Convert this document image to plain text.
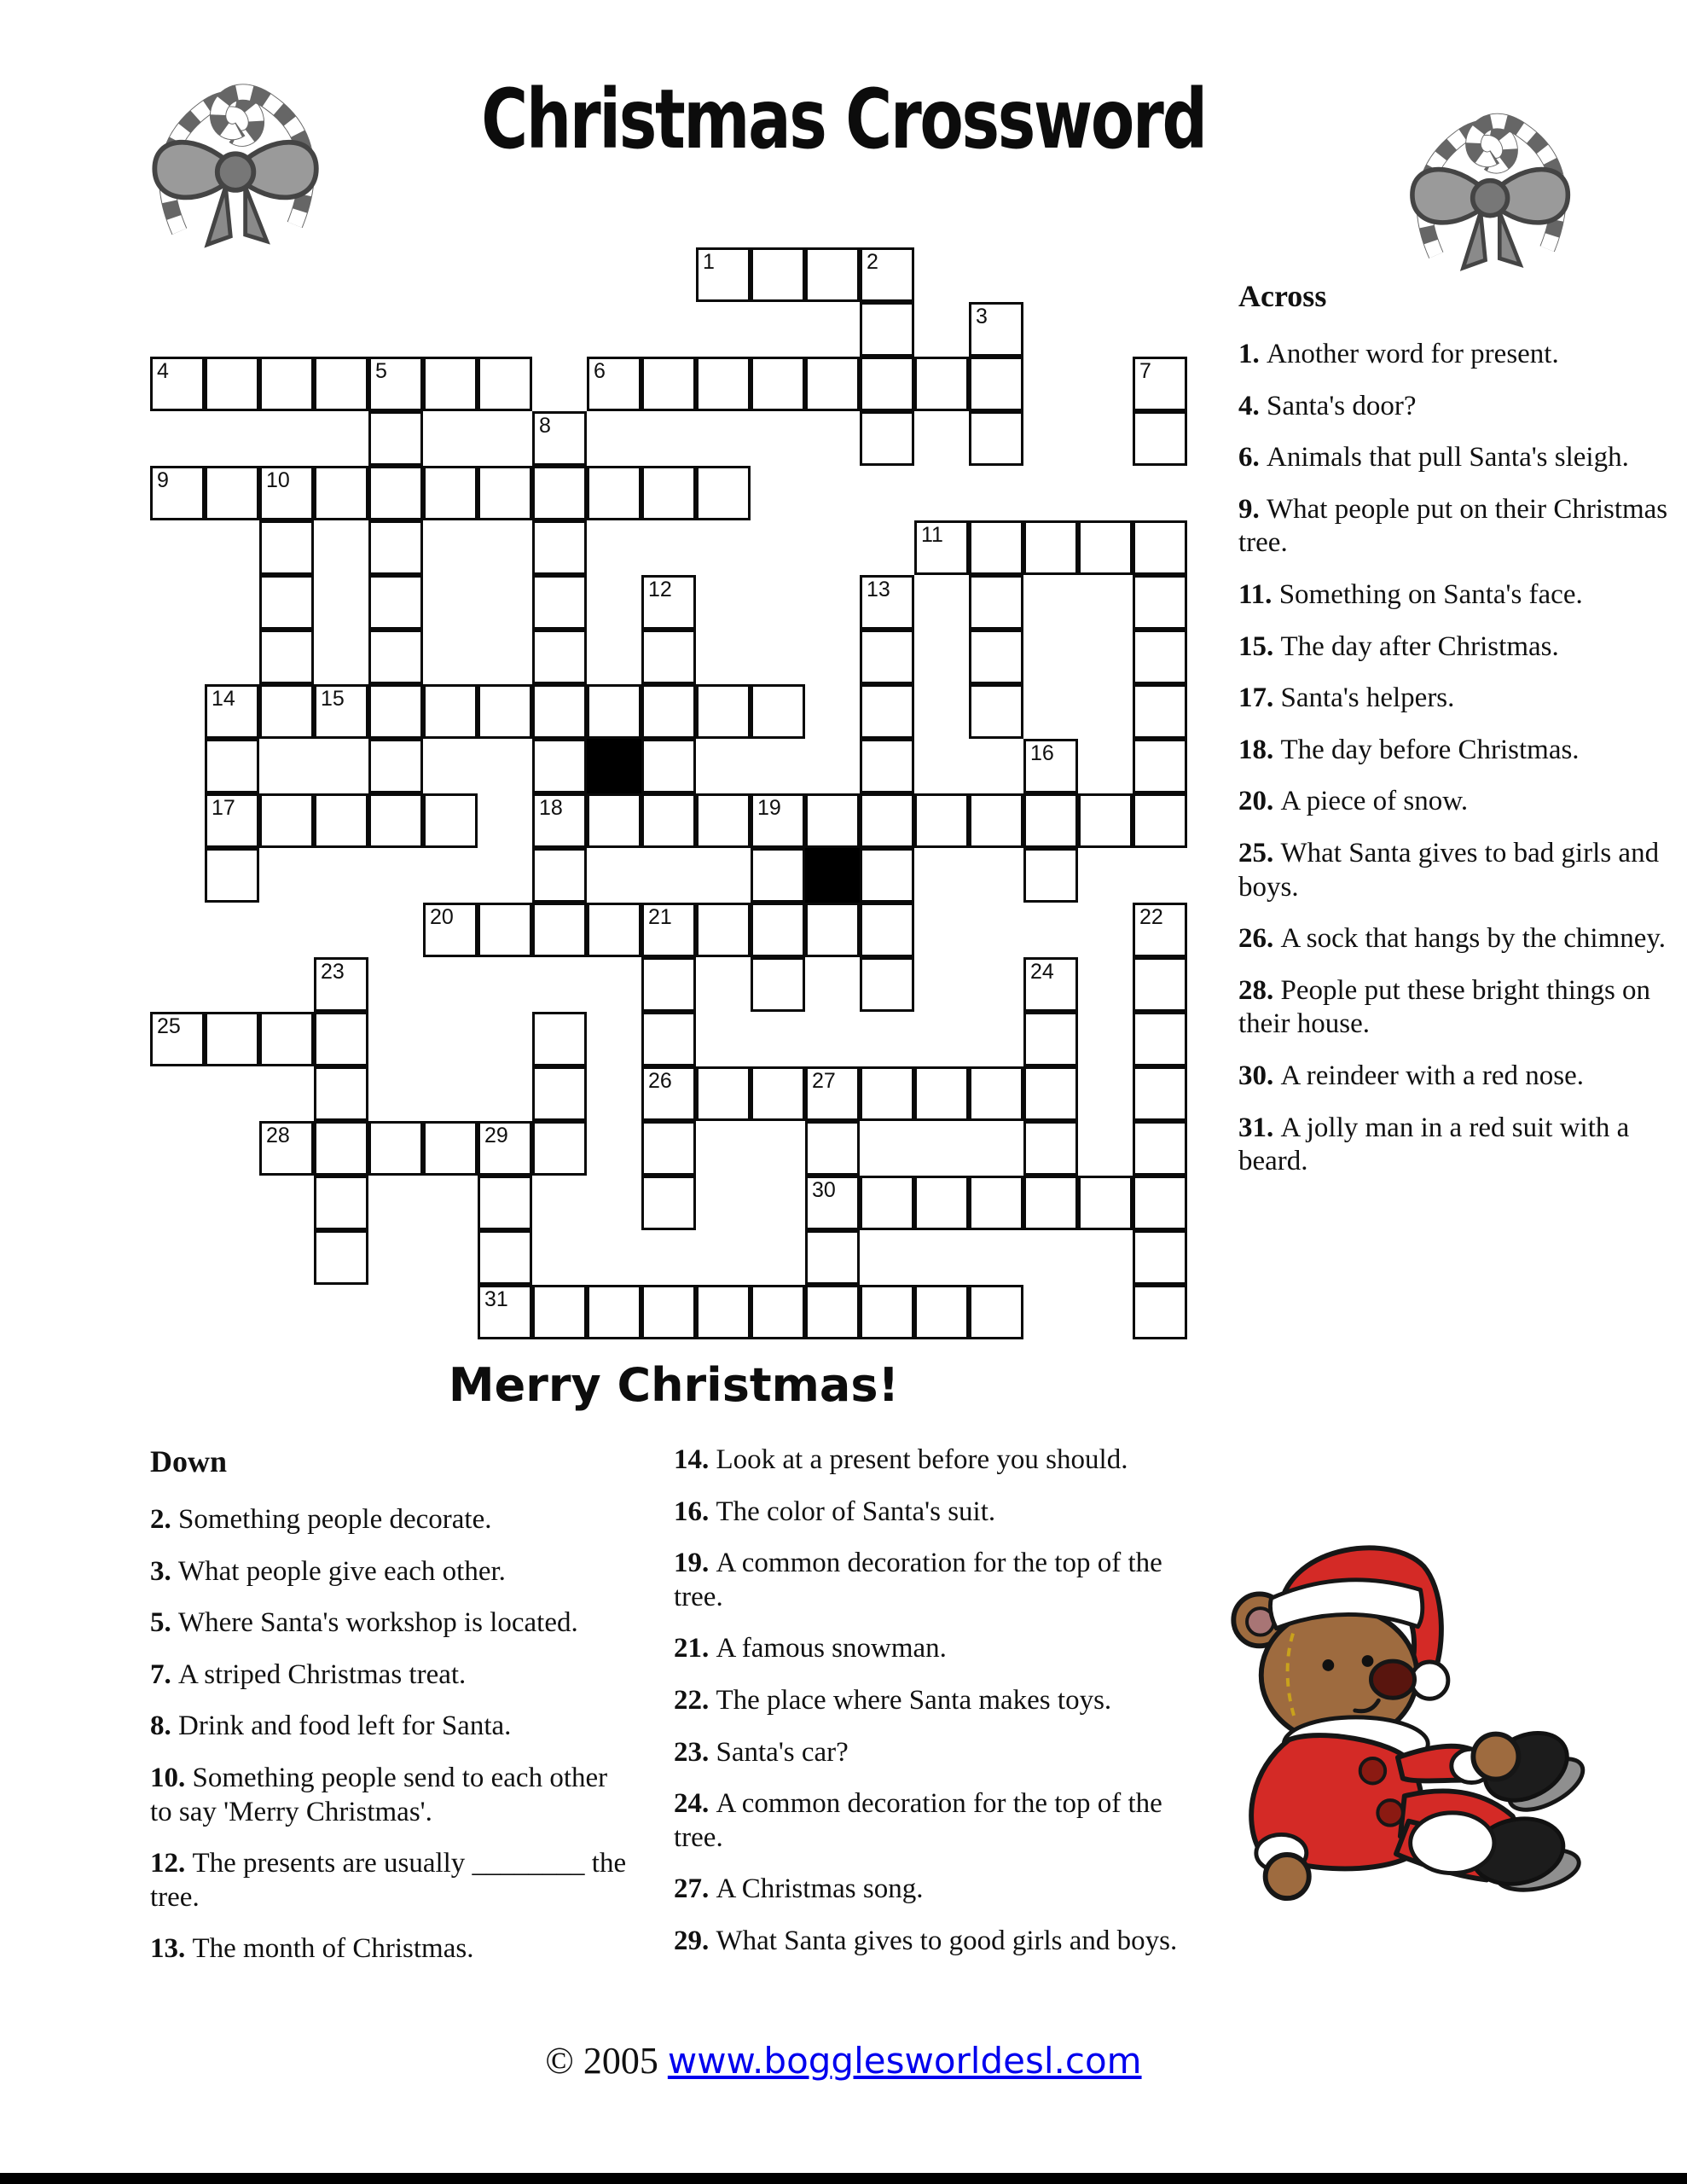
Christmas Crossword
1	2
3
4	5	6	7
8
9	10
11
12	13
14	15
16
17	18	19
20	21	22
23	24
25
26	27
28	29
30
31
Merry Christmas!

Across

1. Another word for present.

4. Santa's door?

6. Animals that pull Santa's sleigh.

9. What people put on their Christmas tree.

11. Something on Santa's face.

15. The day after Christmas.

17. Santa's helpers.

18. The day before Christmas.

20. A piece of snow.

25. What Santa gives to bad girls and boys.

26. A sock that hangs by the chimney.

28. People put these bright things on their house.

30. A reindeer with a red nose.

31. A jolly man in a red suit with a beard.

Down

2. Something people decorate.

3. What people give each other.

5. Where Santa's workshop is located.

7. A striped Christmas treat.

8. Drink and food left for Santa.

10. Something people send to each other to say 'Merry Christmas'.

12. The presents are usually ________ the tree.

13. The month of Christmas.

14. Look at a present before you should.

16. The color of Santa's suit.

19. A common decoration for the top of the tree.

21. A famous snowman.

22. The place where Santa makes toys.

23. Santa's car?

24. A common decoration for the top of the tree.

27. A Christmas song.

29. What Santa gives to good girls and boys.

© 2005 www.bogglesworldesl.com
